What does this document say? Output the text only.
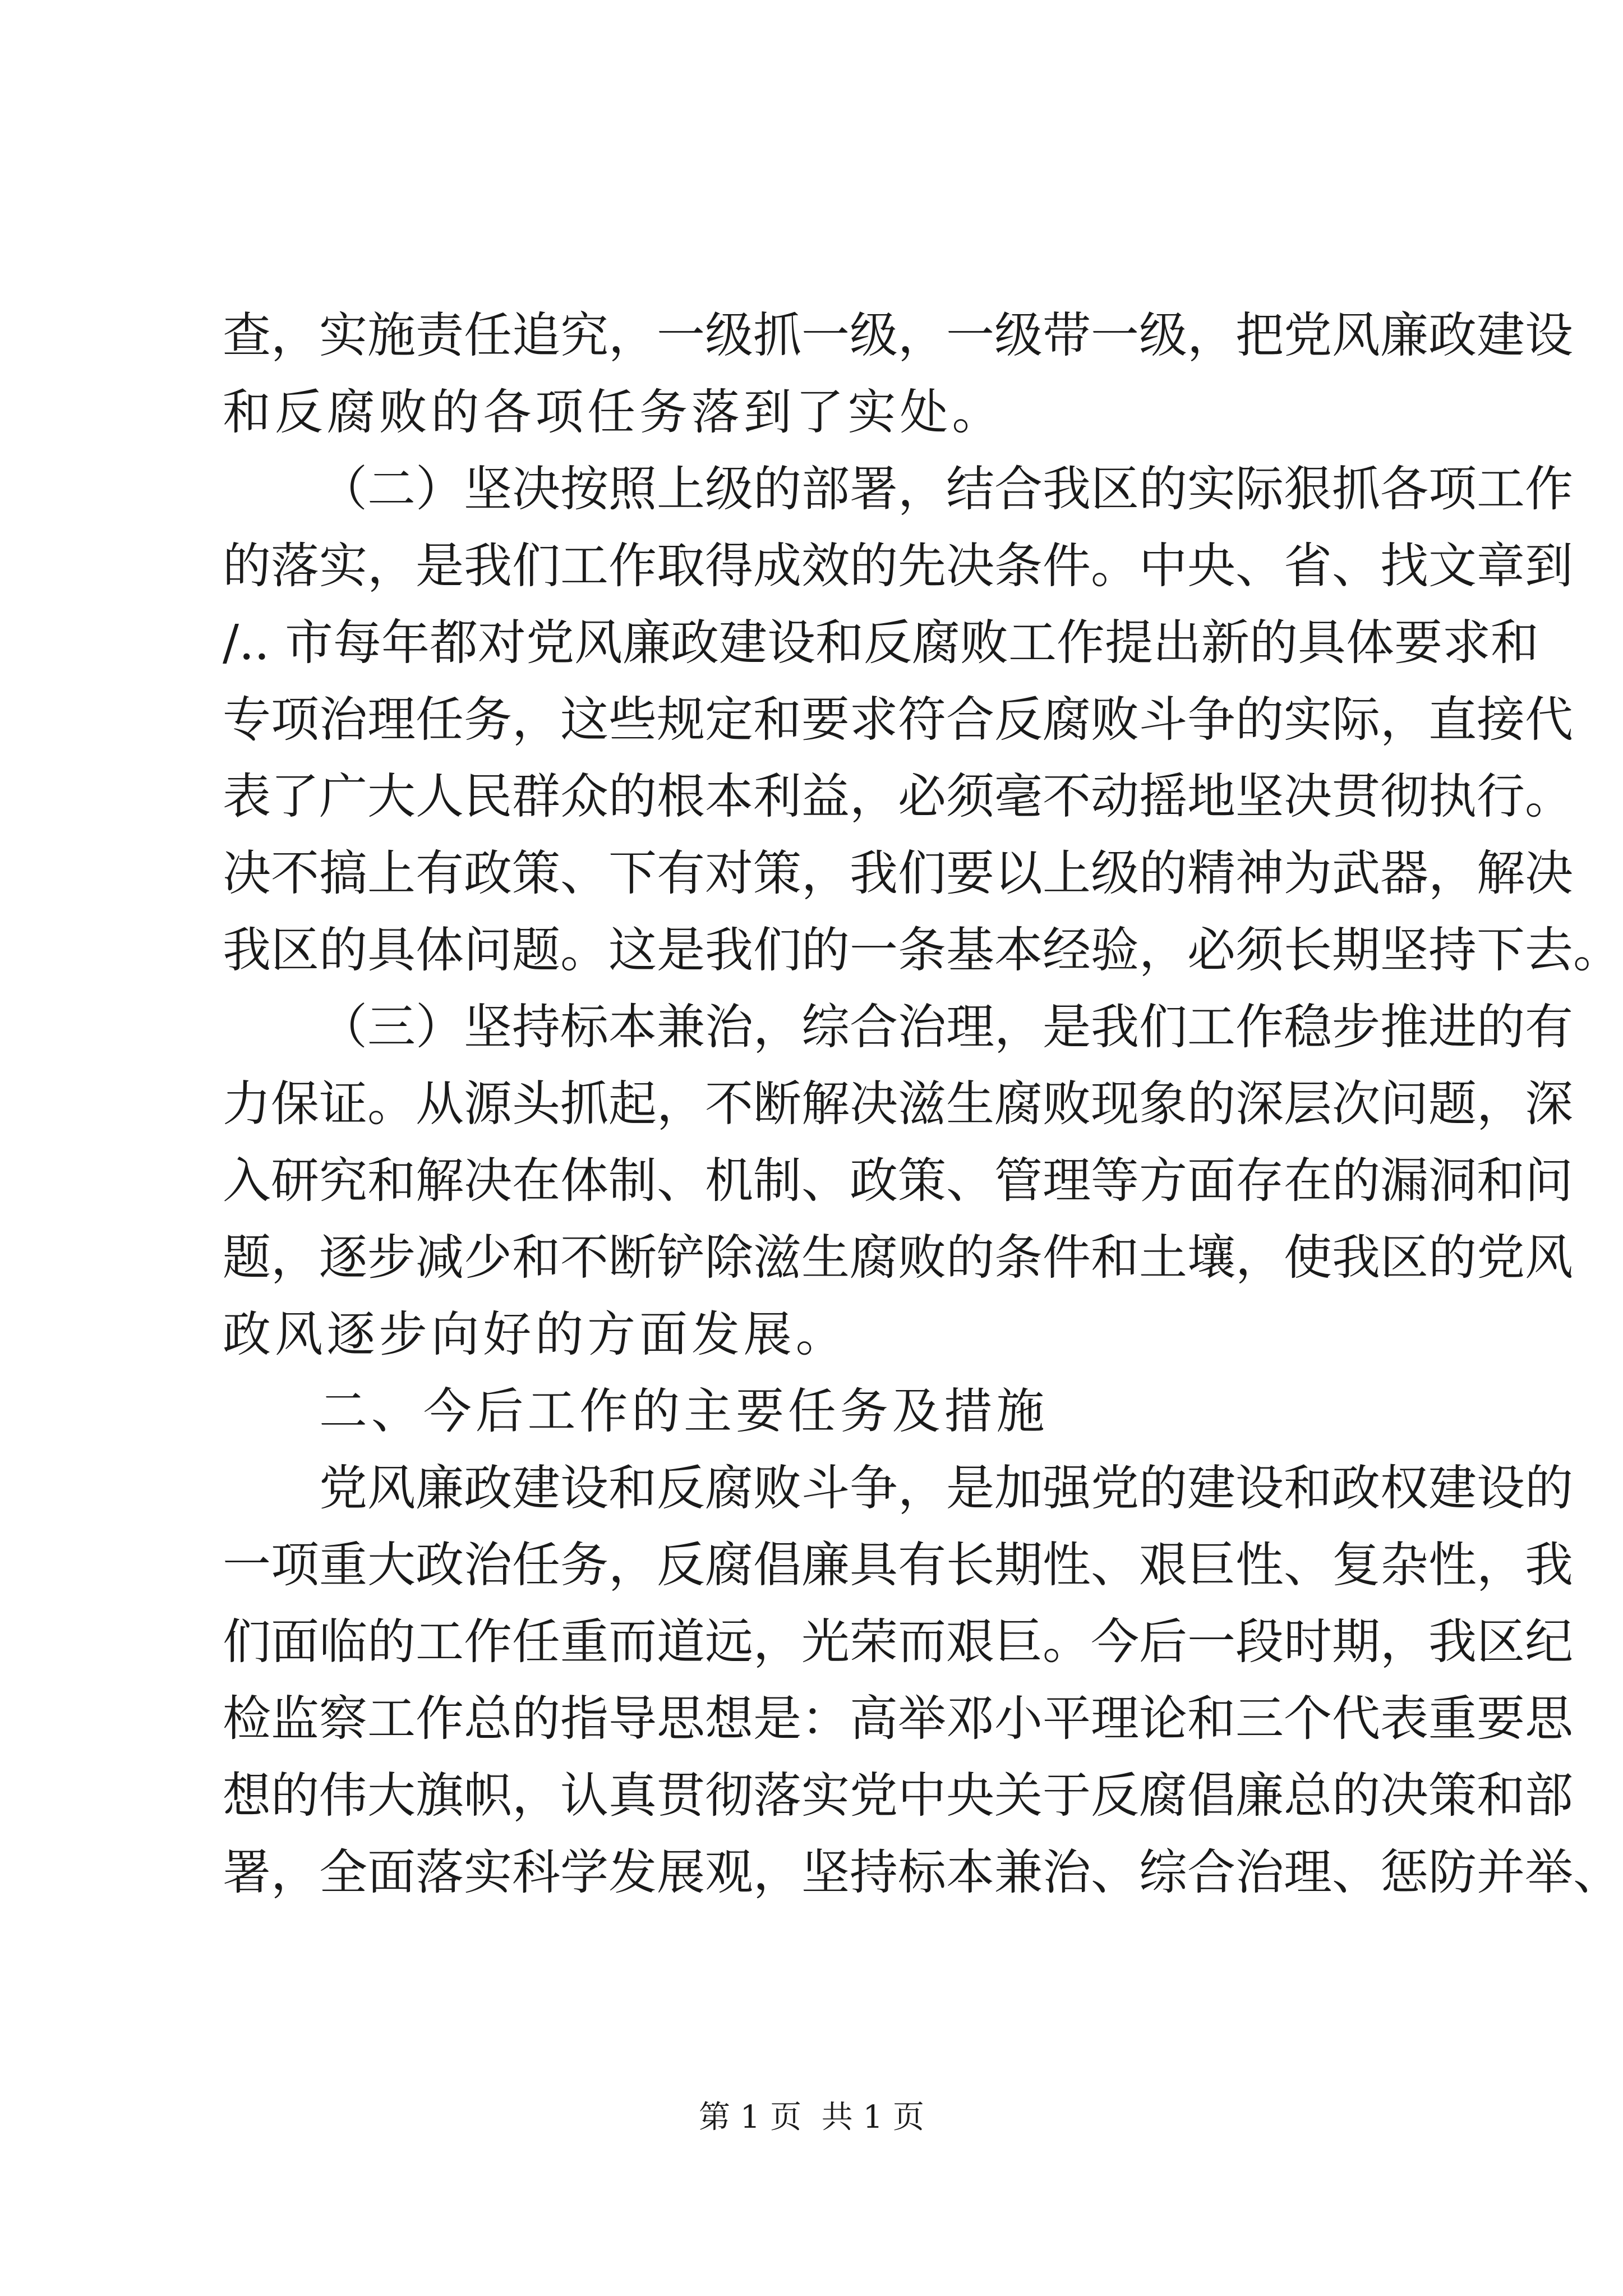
查，实施责任追究，一级抓一级，一级带一级，把党风廉政建设
和反腐败的各项任务落到了实处。
（二）坚决按照上级的部署，结合我区的实际狠抓各项工作
的落实，是我们工作取得成效的先决条件。中央、省、找文章到
/.. 市每年都对党风廉政建设和反腐败工作提出新的具体要求和
专项治理任务，这些规定和要求符合反腐败斗争的实际，直接代
表了广大人民群众的根本利益，必须毫不动摇地坚决贯彻执行。
决不搞上有政策、下有对策，我们要以上级的精神为武器，解决
我区的具体问题。这是我们的一条基本经验，必须长期坚持下去。
（三）坚持标本兼治，综合治理，是我们工作稳步推进的有
力保证。从源头抓起，不断解决滋生腐败现象的深层次问题，深
入研究和解决在体制、机制、政策、管理等方面存在的漏洞和问
题，逐步减少和不断铲除滋生腐败的条件和土壤，使我区的党风
政风逐步向好的方面发展。
二、今后工作的主要任务及措施
党风廉政建设和反腐败斗争，是加强党的建设和政权建设的
一项重大政治任务，反腐倡廉具有长期性、艰巨性、复杂性，我
们面临的工作任重而道远，光荣而艰巨。今后一段时期，我区纪
检监察工作总的指导思想是：高举邓小平理论和三个代表重要思
想的伟大旗帜，认真贯彻落实党中央关于反腐倡廉总的决策和部
署，全面落实科学发展观，坚持标本兼治、综合治理、惩防并举、
第 1 页  共 1 页
